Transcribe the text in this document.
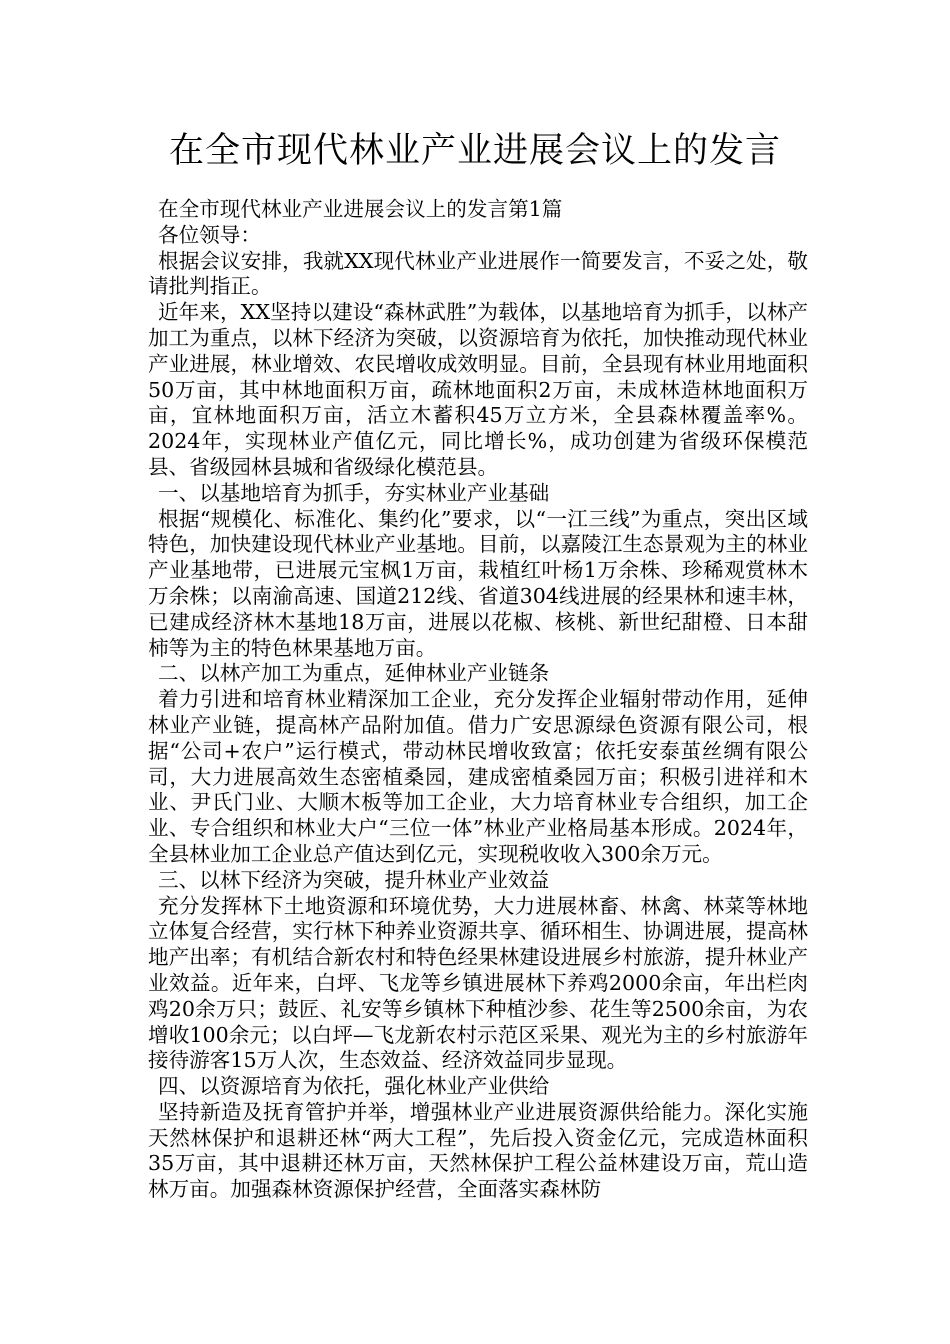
在全市现代林业产业进展会议上的发言

在全市现代林业产业进展会议上的发言第1篇

各位领导：

根据会议安排，我就XX现代林业产业进展作一简要发言，不妥之处，敬请批判指正。

近年来，XX坚持以建设“森林武胜”为载体，以基地培育为抓手，以林产加工为重点，以林下经济为突破，以资源培育为依托，加快推动现代林业产业进展，林业增效、农民增收成效明显。目前，全县现有林业用地面积50万亩，其中林地面积万亩，疏林地面积2万亩，未成林造林地面积万亩，宜林地面积万亩，活立木蓄积45万立方米，全县森林覆盖率%。2024年，实现林业产值亿元，同比增长%，成功创建为省级环保模范县、省级园林县城和省级绿化模范县。

一、以基地培育为抓手，夯实林业产业基础

根据“规模化、标准化、集约化”要求，以“一江三线”为重点，突出区域特色，加快建设现代林业产业基地。目前，以嘉陵江生态景观为主的林业产业基地带，已进展元宝枫1万亩，栽植红叶杨1万余株、珍稀观赏林木万余株；以南渝高速、国道212线、省道304线进展的经果林和速丰林，已建成经济林木基地18万亩，进展以花椒、核桃、新世纪甜橙、日本甜柿等为主的特色林果基地万亩。

二、以林产加工为重点，延伸林业产业链条

着力引进和培育林业精深加工企业，充分发挥企业辐射带动作用，延伸林业产业链，提高林产品附加值。借力广安思源绿色资源有限公司，根据“公司+农户”运行模式，带动林民增收致富；依托安泰茧丝绸有限公司，大力进展高效生态密植桑园，建成密植桑园万亩；积极引进祥和木业、尹氏门业、大顺木板等加工企业，大力培育林业专合组织，加工企业、专合组织和林业大户“三位一体”林业产业格局基本形成。2024年，全县林业加工企业总产值达到亿元，实现税收收入300余万元。

三、以林下经济为突破，提升林业产业效益

充分发挥林下土地资源和环境优势，大力进展林畜、林禽、林菜等林地立体复合经营，实行林下种养业资源共享、循环相生、协调进展，提高林地产出率；有机结合新农村和特色经果林建设进展乡村旅游，提升林业产业效益。近年来，白坪、飞龙等乡镇进展林下养鸡2000余亩，年出栏肉鸡20余万只；鼓匠、礼安等乡镇林下种植沙参、花生等2500余亩，为农增收100余元；以白坪—飞龙新农村示范区采果、观光为主的乡村旅游年接待游客15万人次，生态效益、经济效益同步显现。

四、以资源培育为依托，强化林业产业供给

坚持新造及抚育管护并举，增强林业产业进展资源供给能力。深化实施天然林保护和退耕还林“两大工程”，先后投入资金亿元，完成造林面积35万亩，其中退耕还林万亩，天然林保护工程公益林建设万亩，荒山造林万亩。加强森林资源保护经营，全面落实森林防
